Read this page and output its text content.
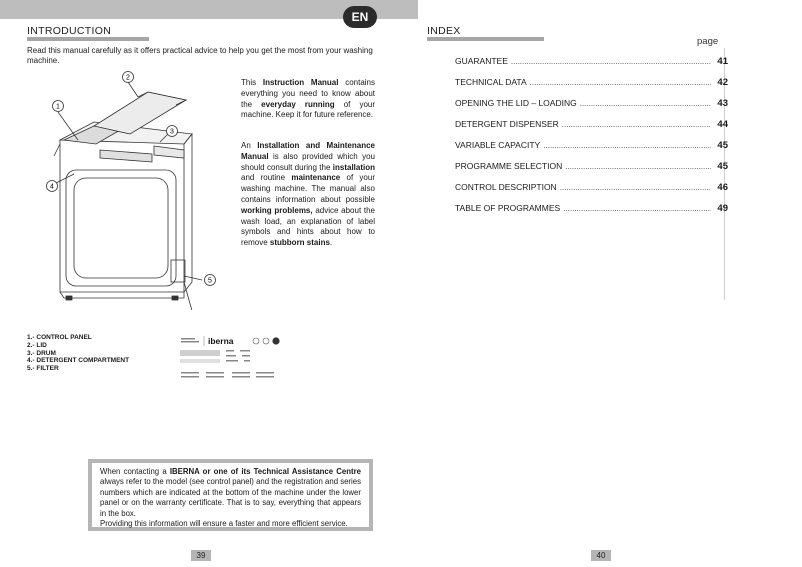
EN
INTRODUCTION
Read this manual carefully as it offers practical advice to help you get the most from your washing machine.
1
2
3
4
5
This Instruction Manual contains everything you need to know about the everyday running of your machine. Keep it for future reference.
An Installation and Maintenance Manual is also provided which you should consult during the installation and routine maintenance of your washing machine. The manual also contains information about possible working problems, advice about the wash load, an explanation of label symbols and hints about how to remove stubborn stains.
1.- CONTROL PANEL
2.- LID
3.- DRUM
4.- DETERGENT COMPARTMENT
5.- FILTER
iberna
When contacting a IBERNA or one of its Technical Assistance Centre always refer to the model (see control panel) and the registration and series numbers which are indicated at the bottom of the machine under the lower panel or on the warranty certificate. That is to say, everything that appears in the box.
Providing this information will ensure a faster and more efficient service.
39
INDEX
page
GUARANTEE .....	41
TECHNICAL DATA .....	42
OPENING THE LID – LOADING .....	43
DETERGENT DISPENSER .....	44
VARIABLE CAPACITY .....	45
PROGRAMME SELECTION .....	45
CONTROL DESCRIPTION .....	46
TABLE OF PROGRAMMES .....	49
40
